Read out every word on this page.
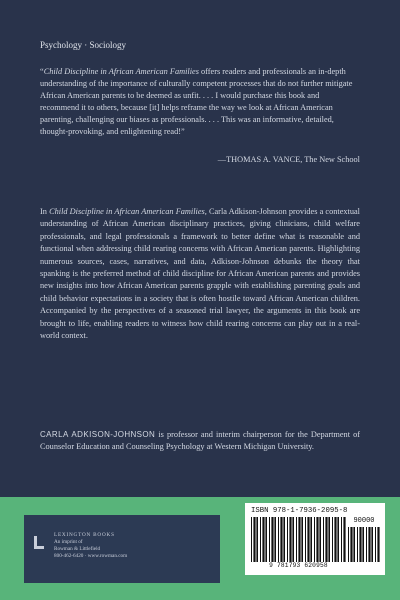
Psychology · Sociology
“Child Discipline in African American Families offers readers and professionals an in-depth understanding of the importance of culturally competent processes that do not further mitigate African American parents to be deemed as unfit. . . . I would purchase this book and recommend it to others, because [it] helps reframe the way we look at African American parenting, challenging our biases as professionals. . . . This was an informative, detailed, thought-provoking, and enlightening read!”
—THOMAS A. VANCE, The New School
In Child Discipline in African American Families, Carla Adkison-Johnson provides a contextual understanding of African American disciplinary practices, giving clinicians, child welfare professionals, and legal professionals a framework to better define what is reasonable and functional when addressing child rearing concerns with African American parents. Highlighting numerous sources, cases, narratives, and data, Adkison-Johnson debunks the theory that spanking is the preferred method of child discipline for African American parents and provides new insights into how African American parents grapple with establishing parenting goals and child behavior expectations in a society that is often hostile toward African American children. Accompanied by the perspectives of a seasoned trial lawyer, the arguments in this book are brought to life, enabling readers to witness how child rearing concerns can play out in a real-world context.
CARLA ADKISON-JOHNSON is professor and interim chairperson for the Department of Counselor Education and Counseling Psychology at Western Michigan University.
LEXINGTON BOOKS
An imprint of
Rowman & Littlefield
800-462-6420 · www.rowman.com
ISBN 978-1-7936-2095-8
90000
9 781793 620958
